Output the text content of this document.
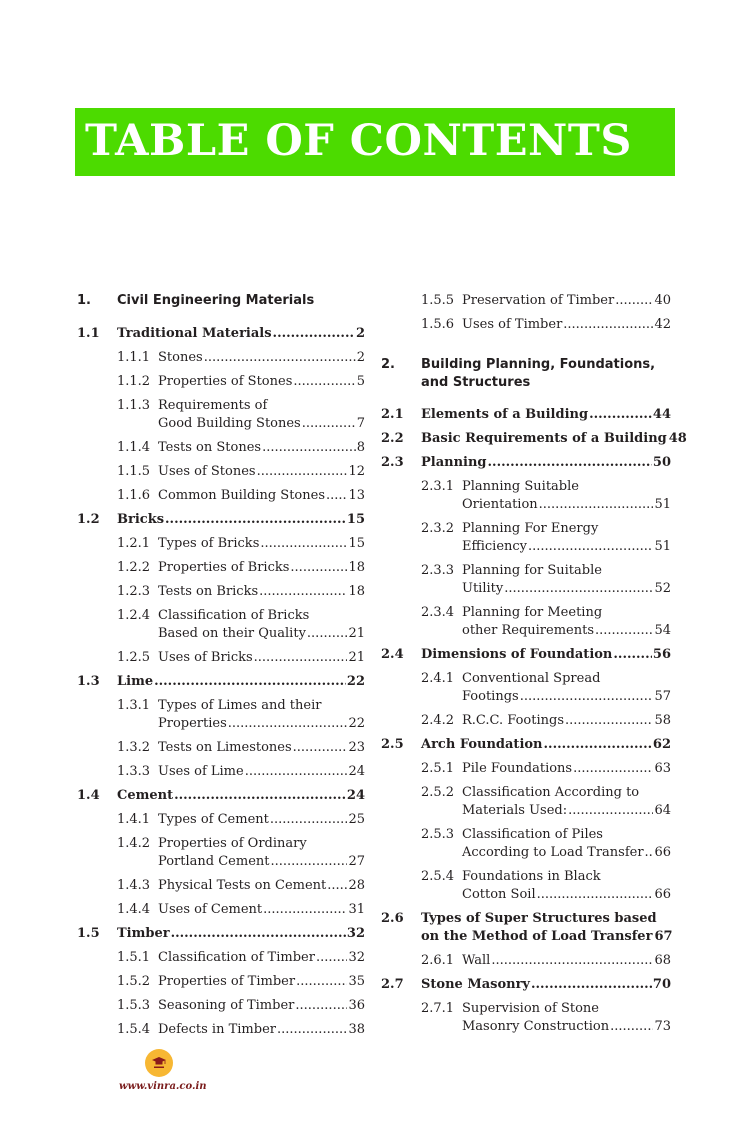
TABLE OF CONTENTS
1. Civil Engineering Materials
1.1 Traditional Materials .....	2
1.1.1 Stones .....	2
1.1.2 Properties of Stones .....	5
1.1.3 Requirements of
Good Building Stones .....	7
1.1.4 Tests on Stones .....	8
1.1.5 Uses of Stones .....	12
1.1.6 Common Building Stones ..... 13
1.2 Bricks .....	15
1.2.1 Types of Bricks .....	15
1.2.2 Properties of Bricks .....	18
1.2.3 Tests on Bricks .....	18
1.2.4 Classification of Bricks
Based on their Quality .....	21
1.2.5 Uses of Bricks .....	21
1.3 Lime .....	22
1.3.1 Types of Limes and their
Properties .....	22
1.3.2 Tests on Limestones .....	23
1.3.3 Uses of Lime .....	24
1.4 Cement .....	24
1.4.1 Types of Cement .....	25
1.4.2 Properties of Ordinary
Portland Cement .....	27
1.4.3 Physical Tests on Cement ..... 28
1.4.4 Uses of Cement .....	31
1.5 Timber .....	32
1.5.1 Classification of Timber .....	32
1.5.2 Properties of Timber .....	35
1.5.3 Seasoning of Timber .....	36
1.5.4 Defects in Timber .....	38
1.5.5 Preservation of Timber .....	40
1.5.6 Uses of Timber .....	42
2. Building Planning, Foundations,
and Structures
2.1 Elements of a Building .....	44
2.2 Basic Requirements of a Building 48
2.3 Planning .....	50
2.3.1 Planning Suitable
Orientation .....	51
2.3.2 Planning For Energy
Efficiency .....	51
2.3.3 Planning for Suitable
Utility .....	52
2.3.4 Planning for Meeting
other Requirements .....	54
2.4 Dimensions of Foundation .....	56
2.4.1 Conventional Spread
Footings .....	57
2.4.2 R.C.C. Footings .....	58
2.5 Arch Foundation .....	62
2.5.1 Pile Foundations .....	63
2.5.2 Classification According to
Materials Used: .....	64
2.5.3 Classification of Piles
According to Load Transfer ..... 66
2.5.4 Foundations in Black
Cotton Soil .....	66
2.6 Types of Super Structures based
on the Method of Load Transfer 67
2.6.1 Wall .....	68
2.7 Stone Masonry .....	70
2.7.1 Supervision of Stone
Masonry Construction .....	73
www.vinra.co.in
